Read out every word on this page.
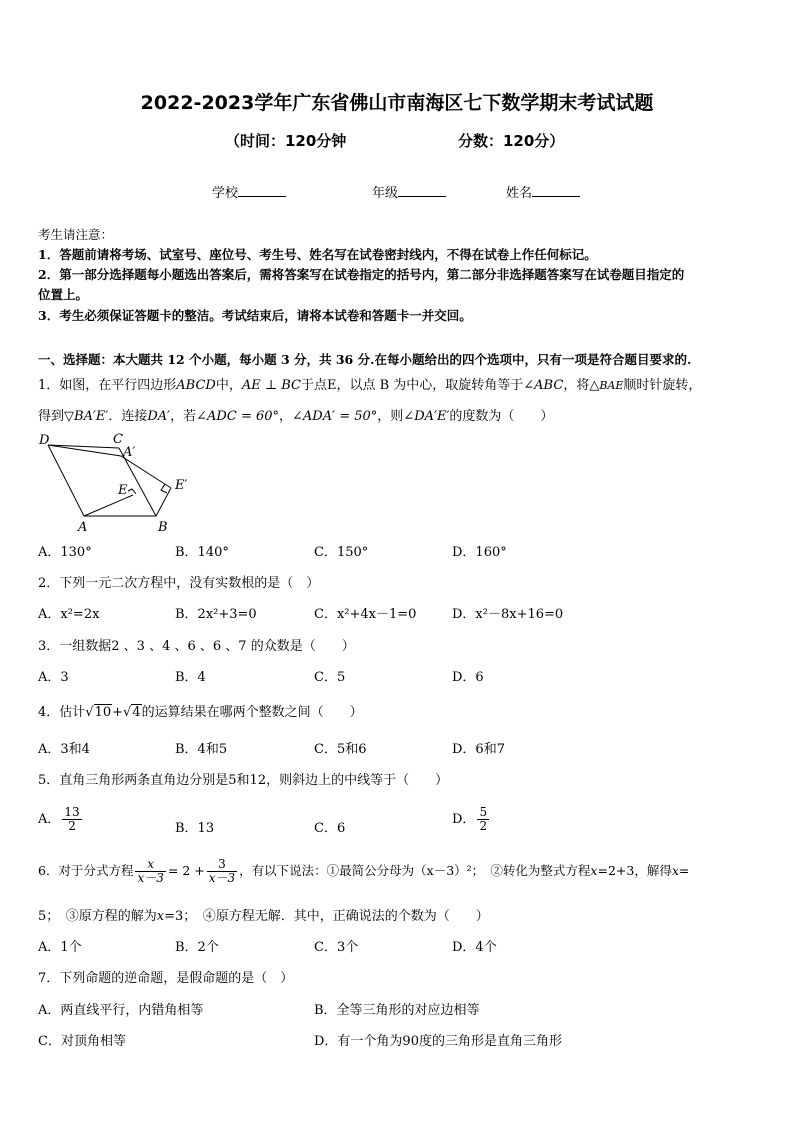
2022-2023学年广东省佛山市南海区七下数学期末考试试题
（时间：120分钟	分数：120分）
学校	年级	姓名
考生请注意：
1．答题前请将考场、试室号、座位号、考生号、姓名写在试卷密封线内，不得在试卷上作任何标记。
2．第一部分选择题每小题选出答案后，需将答案写在试卷指定的括号内，第二部分非选择题答案写在试卷题目指定的
位置上。
3．考生必须保证答题卡的整洁。考试结束后，请将本试卷和答题卡一并交回。
一、选择题：本大题共 12 个小题，每小题 3 分，共 36 分.在每小题给出的四个选项中，只有一项是符合题目要求的.
1．如图，在平行四边形ABCD中，AE ⊥ BC于点E，以点 B 为中心，取旋转角等于∠ABC，将△BAE顺时针旋转，
得到▽BA′E′．连接DA′，若∠ADC = 60°，∠ADA′ = 50°，则∠DA′E′的度数为（　　）
D	C
A′
E	E′
A	B
A．130°	B．140°	C．150°	D．160°
2．下列一元二次方程中，没有实数根的是（　）
A．x²=2x	B．2x²+3=0	C．x²+4x－1=0	D．x²－8x+16=0
3．一组数据2 、3 、4 、6 、6 、7 的众数是（　　）
A．3	B．4	C．5	D．6
4．估计√10+√4的运算结果在哪两个整数之间（　　）
A．3和4	B．4和5	C．5和6	D．6和7
5．直角三角形两条直角边分别是5和12，则斜边上的中线等于（　　）
A． $\frac{13}{2}$	B．13	C．6
D． $\frac{5}{2}$
6．对于分式方程 $\frac{x}{x-3} = 2 + \frac{3}{x-3}$ ，有以下说法：①最简公分母为（x－3）²；　②转化为整式方程x=2+3，解得x=
5；　③原方程的解为x=3；　④原方程无解．其中，正确说法的个数为（　　）
A．1个	B．2个	C．3个	D．4个
7．下列命题的逆命题，是假命题的是（　）
A．两直线平行，内错角相等	B．全等三角形的对应边相等
C．对顶角相等	D．有一个角为90度的三角形是直角三角形
